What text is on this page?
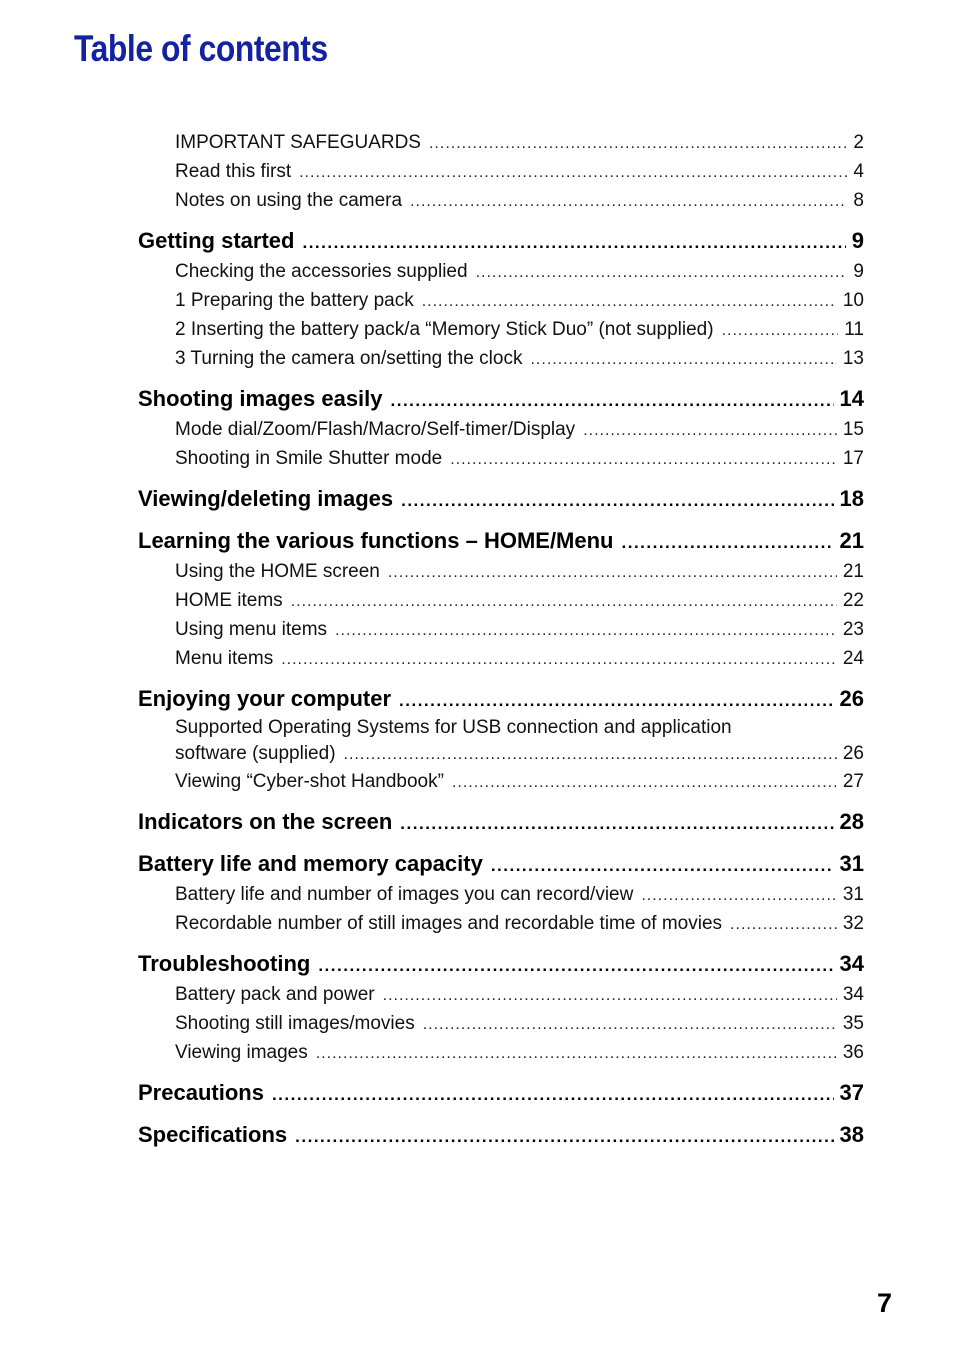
Table of contents
IMPORTANT SAFEGUARDS .....	2
Read this first .....	4
Notes on using the camera .....	8
Getting started .....	9
Checking the accessories supplied .....	9
1 Preparing the battery pack .....	10
2 Inserting the battery pack/a “Memory Stick Duo” (not supplied) .....	11
3 Turning the camera on/setting the clock .....	13
Shooting images easily .....	14
Mode dial/Zoom/Flash/Macro/Self-timer/Display .....	15
Shooting in Smile Shutter mode .....	17
Viewing/deleting images .....	18
Learning the various functions – HOME/Menu .....	21
Using the HOME screen .....	21
HOME items .....	22
Using menu items .....	23
Menu items .....	24
Enjoying your computer .....	26
Supported Operating Systems for USB connection and application
software (supplied) .....	26
Viewing “Cyber-shot Handbook” .....	27
Indicators on the screen .....	28
Battery life and memory capacity .....	31
Battery life and number of images you can record/view .....	31
Recordable number of still images and recordable time of movies .....	32
Troubleshooting .....	34
Battery pack and power .....	34
Shooting still images/movies .....	35
Viewing images .....	36
Precautions .....	37
Specifications .....	38
7
